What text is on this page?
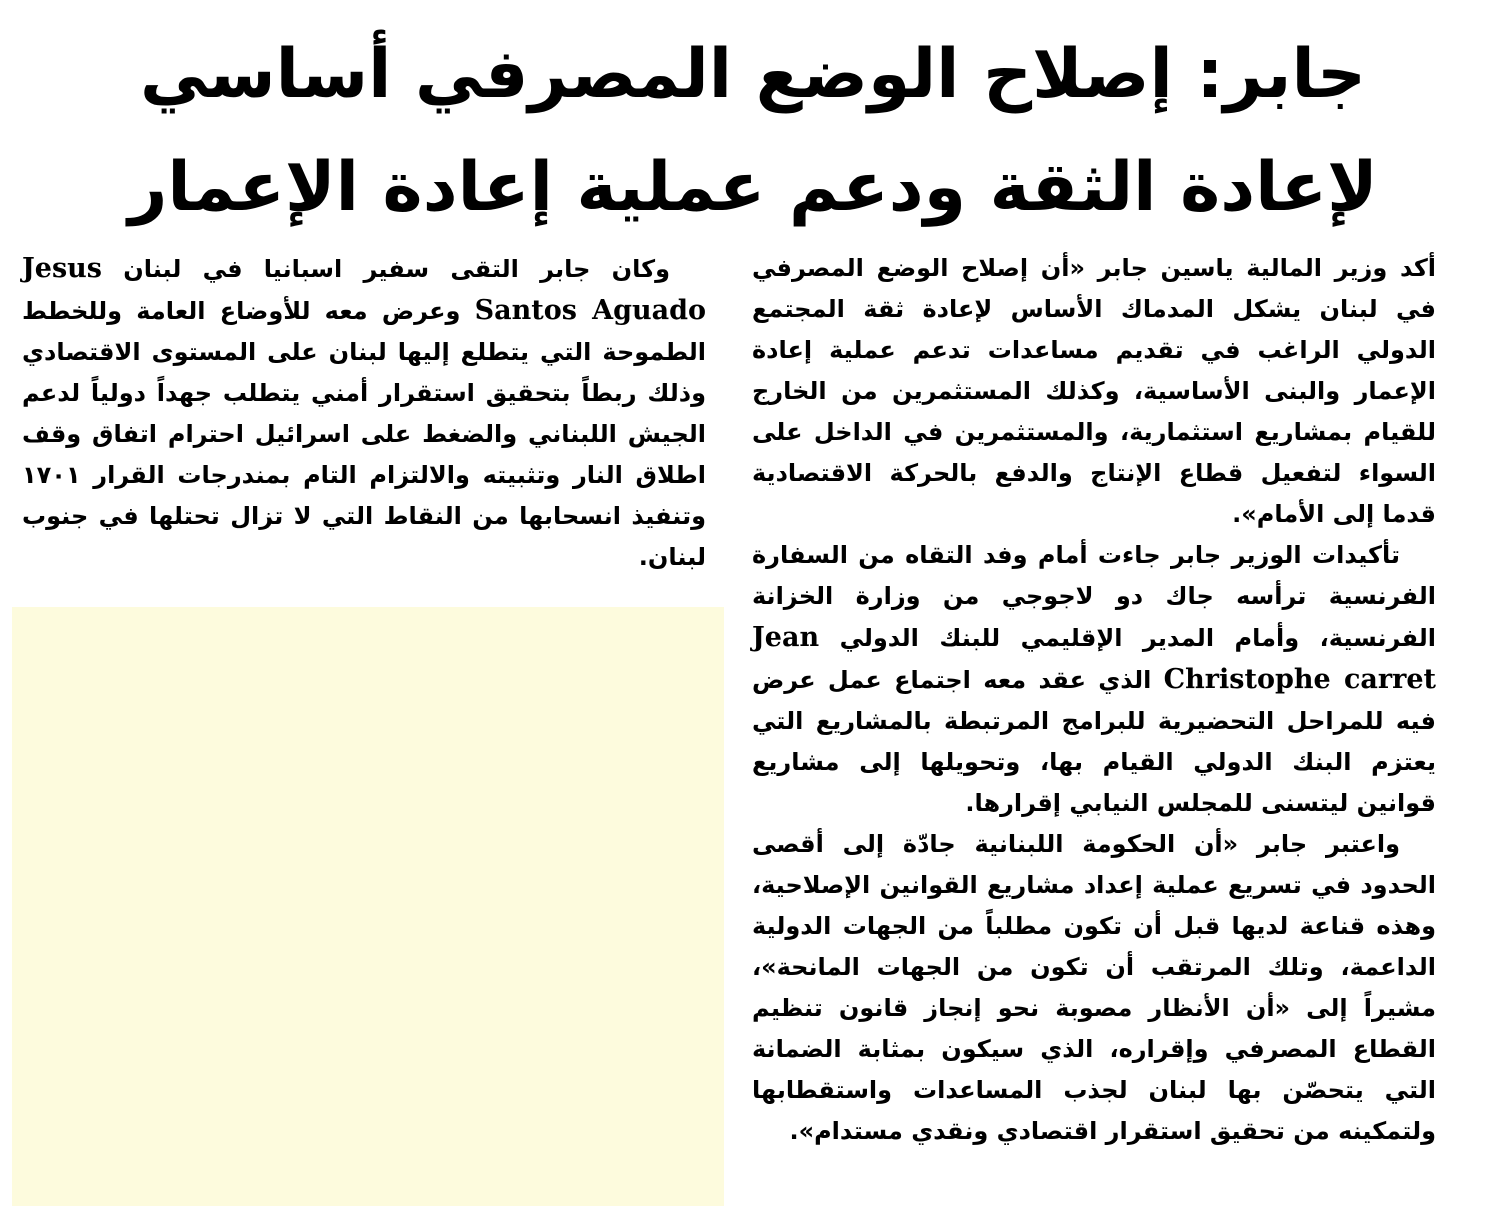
جابر: إصلاح الوضع المصرفي أساسي
لإعادة الثقة ودعم عملية إعادة الإعمار

أكد وزير المالية ياسين جابر «أن إصلاح الوضع المصرفي في لبنان يشكل المدماك الأساس لإعادة ثقة المجتمع الدولي الراغب في تقديم مساعدات تدعم عملية إعادة الإعمار والبنى الأساسية، وكذلك المستثمرين من الخارج للقيام بمشاريع استثمارية، والمستثمرين في الداخل على السواء لتفعيل قطاع الإنتاج والدفع بالحركة الاقتصادية قدما إلى الأمام».

تأكيدات الوزير جابر جاءت أمام وفد التقاه من السفارة الفرنسية ترأسه جاك دو لاجوجي من وزارة الخزانة الفرنسية، وأمام المدير الإقليمي للبنك الدولي Jean Christophe carret الذي عقد معه اجتماع عمل عرض فيه للمراحل التحضيرية للبرامج المرتبطة بالمشاريع التي يعتزم البنك الدولي القيام بها، وتحويلها إلى مشاريع قوانين ليتسنى للمجلس النيابي إقرارها.

واعتبر جابر «أن الحكومة اللبنانية جادّة إلى أقصى الحدود في تسريع عملية إعداد مشاريع القوانين الإصلاحية، وهذه قناعة لديها قبل أن تكون مطلباً من الجهات الدولية الداعمة، وتلك المرتقب أن تكون من الجهات المانحة»، مشيراً إلى «أن الأنظار مصوبة نحو إنجاز قانون تنظيم القطاع المصرفي وإقراره، الذي سيكون بمثابة الضمانة التي يتحصّن بها لبنان لجذب المساعدات واستقطابها ولتمكينه من تحقيق استقرار اقتصادي ونقدي مستدام».

وكان جابر التقى سفير اسبانيا في لبنان Jesus Santos Aguado وعرض معه للأوضاع العامة وللخطط الطموحة التي يتطلع إليها لبنان على المستوى الاقتصادي وذلك ربطاً بتحقيق استقرار أمني يتطلب جهداً دولياً لدعم الجيش اللبناني والضغط على اسرائيل احترام اتفاق وقف اطلاق النار وتثبيته والالتزام التام بمندرجات القرار ١٧٠١ وتنفيذ انسحابها من النقاط التي لا تزال تحتلها في جنوب لبنان.
